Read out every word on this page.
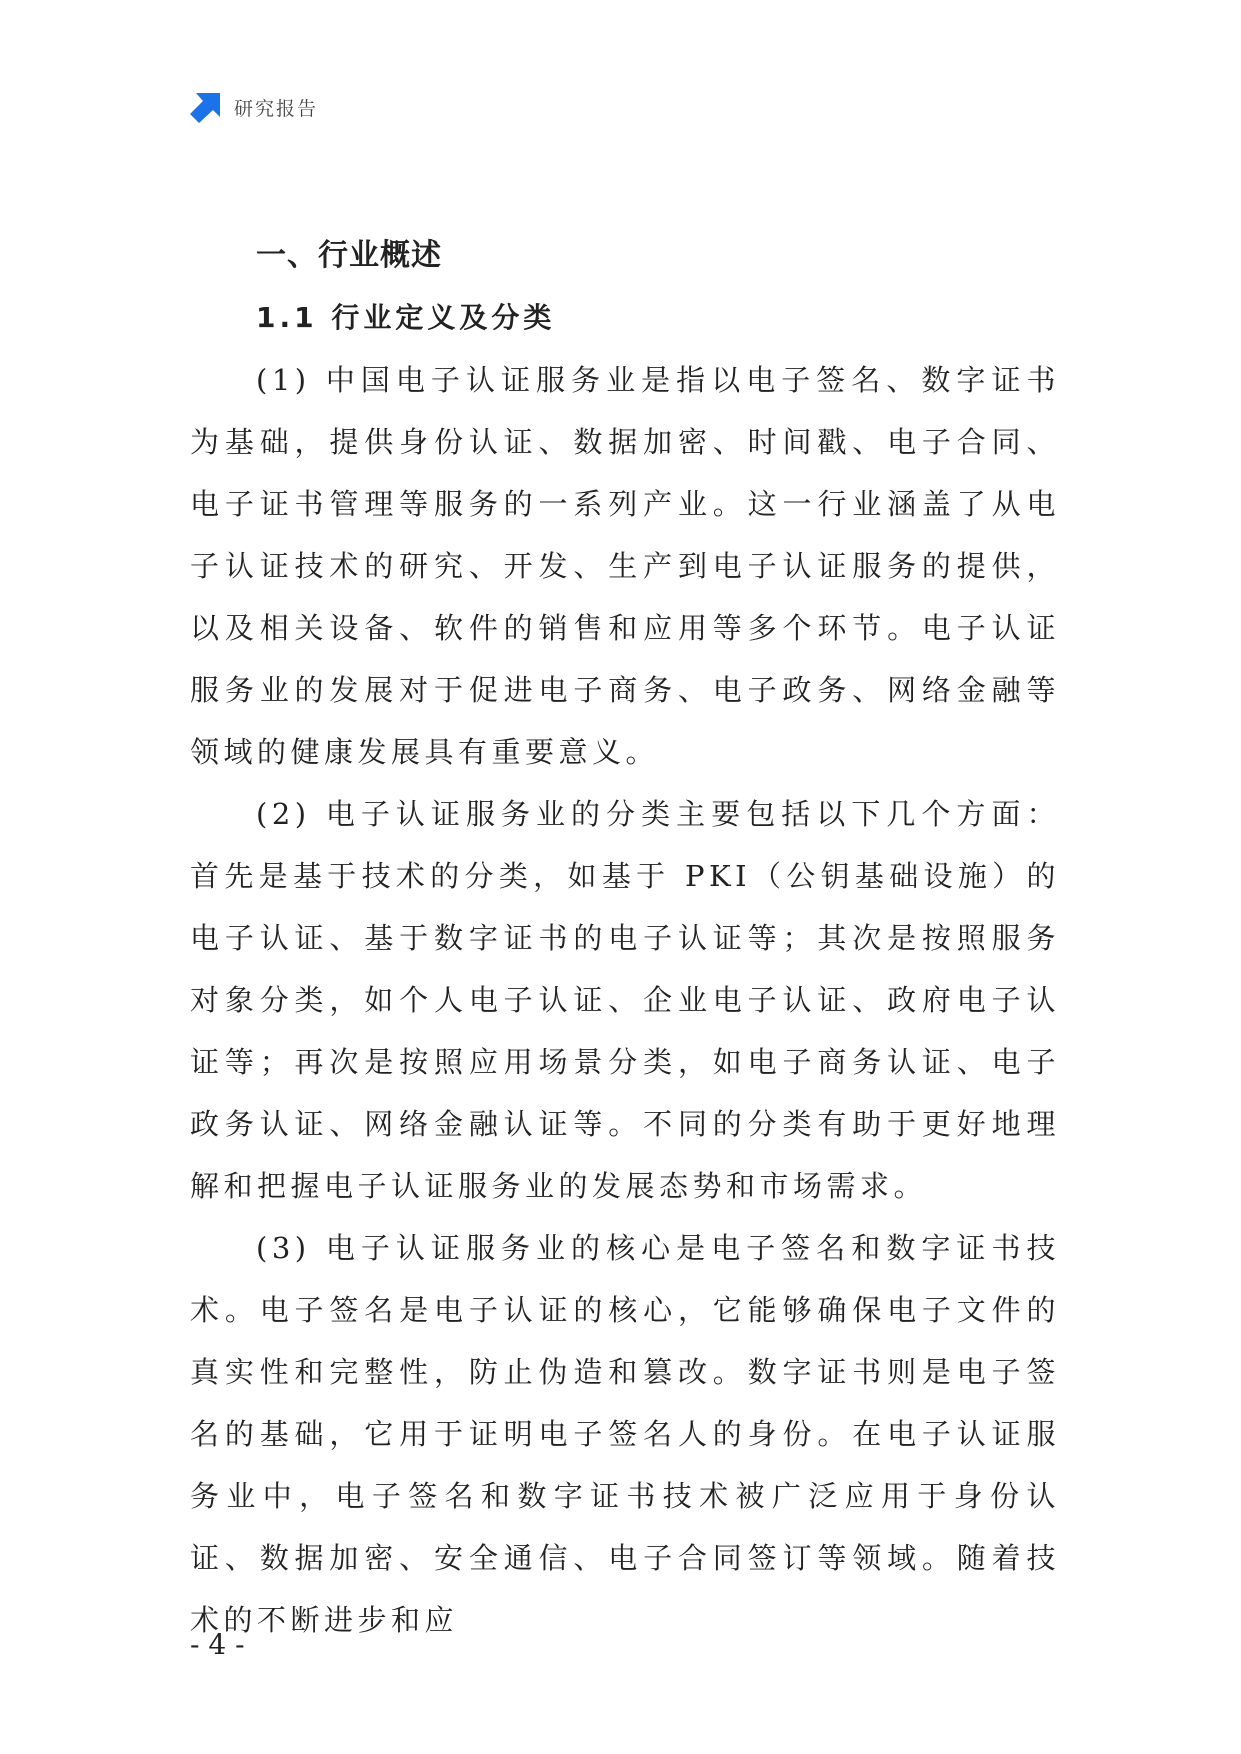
研究报告
一、行业概述
1.1 行业定义及分类

(1) 中国电子认证服务业是指以电子签名、数字证书为基础，提供身份认证、数据加密、时间戳、电子合同、电子证书管理等服务的一系列产业。这一行业涵盖了从电子认证技术的研究、开发、生产到电子认证服务的提供，以及相关设备、软件的销售和应用等多个环节。电子认证服务业的发展对于促进电子商务、电子政务、网络金融等领域的健康发展具有重要意义。

(2) 电子认证服务业的分类主要包括以下几个方面：首先是基于技术的分类，如基于 PKI（公钥基础设施）的电子认证、基于数字证书的电子认证等；其次是按照服务对象分类，如个人电子认证、企业电子认证、政府电子认证等；再次是按照应用场景分类，如电子商务认证、电子政务认证、网络金融认证等。不同的分类有助于更好地理解和把握电子认证服务业的发展态势和市场需求。

(3) 电子认证服务业的核心是电子签名和数字证书技术。电子签名是电子认证的核心，它能够确保电子文件的真实性和完整性，防止伪造和篡改。数字证书则是电子签名的基础，它用于证明电子签名人的身份。在电子认证服务业中，电子签名和数字证书技术被广泛应用于身份认证、数据加密、安全通信、电子合同签订等领域。随着技术的不断进步和应

- 4 -
